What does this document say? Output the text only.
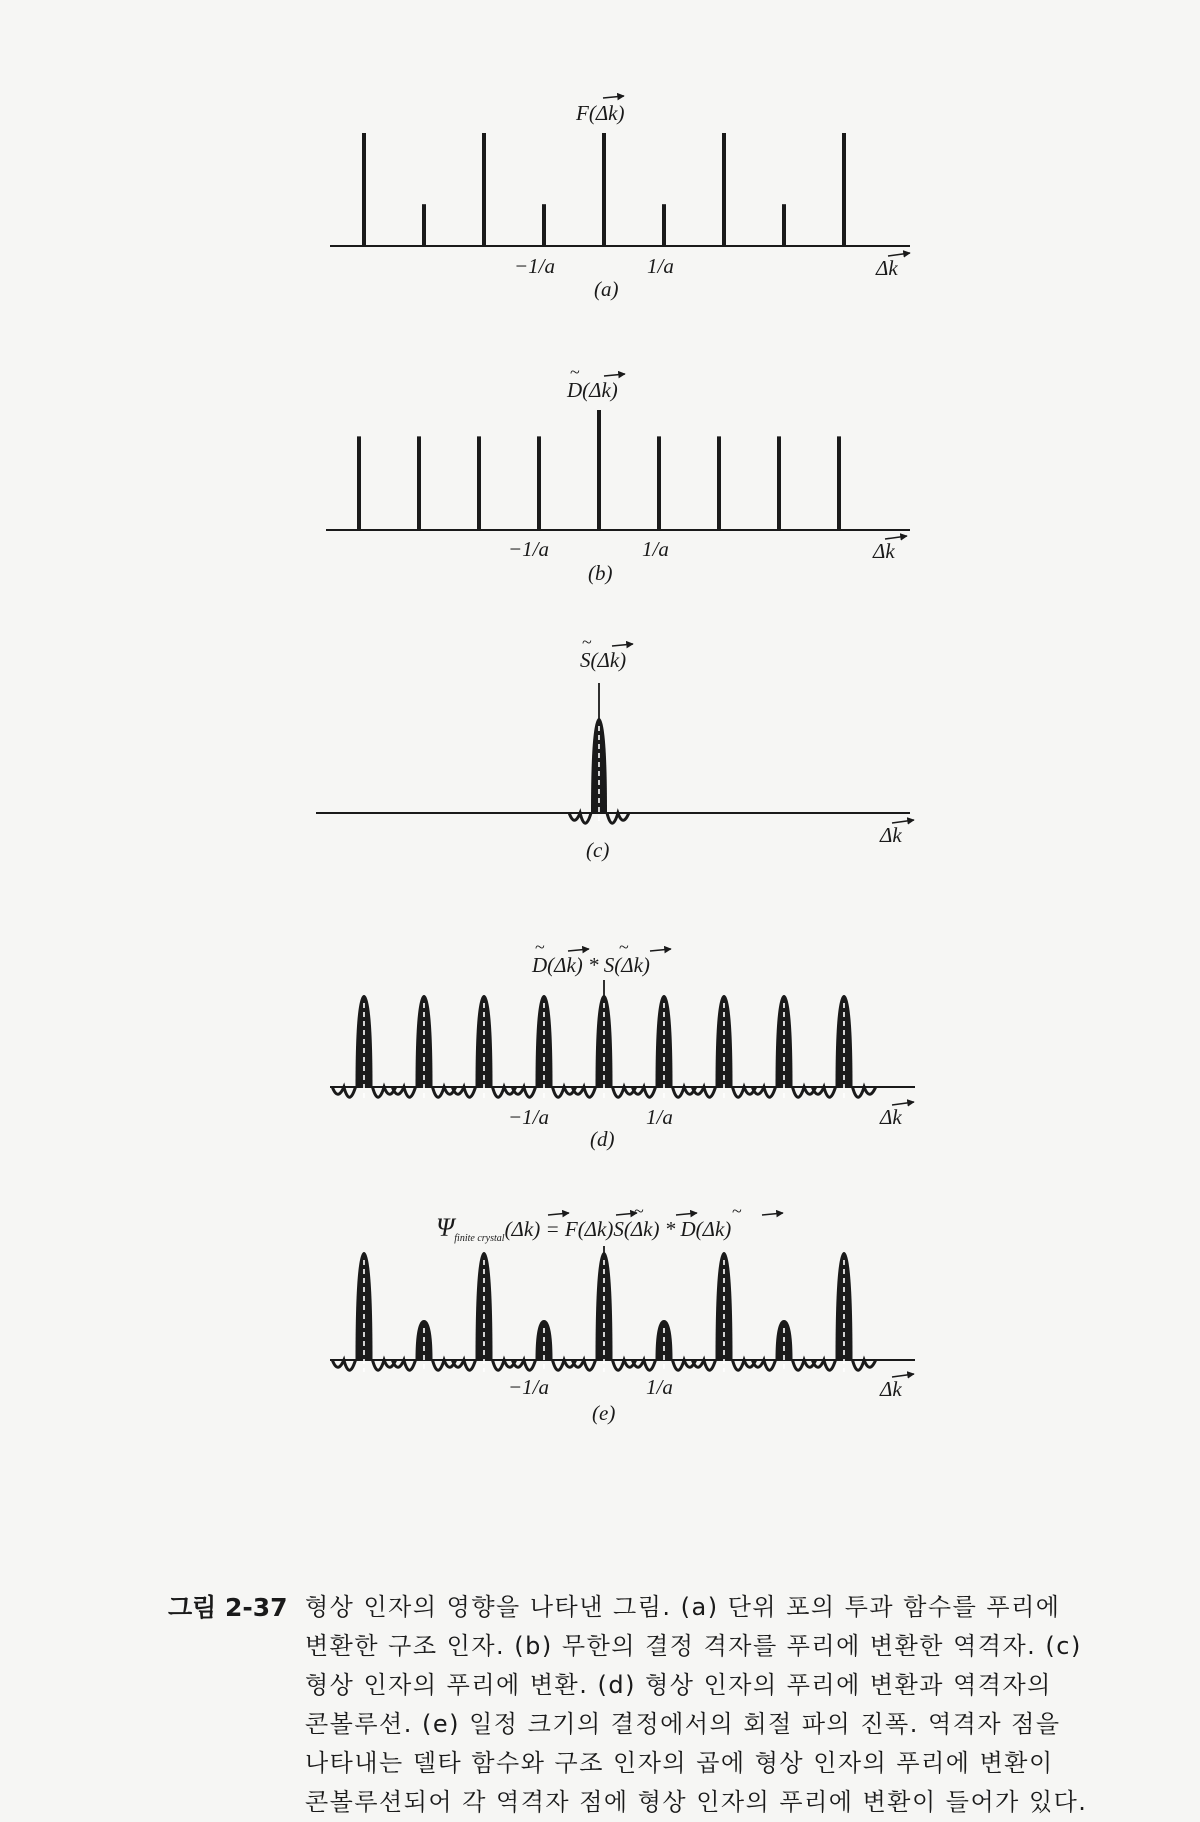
F(Δk)
−1/a	1/a	Δk
(a)
D(Δk)
~
−1/a	1/a	Δk
(b)
S(Δk)
~
Δk
(c)
D(Δk) * S(Δk)
~	~
−1/a	1/a	Δk
(d)
$\Psi_{finite crystal}(\Delta k) = F(\Delta k)S(\Delta k) * D(\Delta k)$
~	~
−1/a	1/a	Δk
(e)
그림 2-37 형상 인자의 영향을 나타낸 그림. (a) 단위 포의 투과 함수를 푸리에 변환한 구조 인자. (b) 무한의 결정 격자를 푸리에 변환한 역격자. (c) 형상 인자의 푸리에 변환. (d) 형상 인자의 푸리에 변환과 역격자의 콘볼루션. (e) 일정 크기의 결정에서의 회절 파의 진폭. 역격자 점을 나타내는 델타 함수와 구조 인자의 곱에 형상 인자의 푸리에 변환이 콘볼루션되어 각 역격자 점에 형상 인자의 푸리에 변환이 들어가 있다.
